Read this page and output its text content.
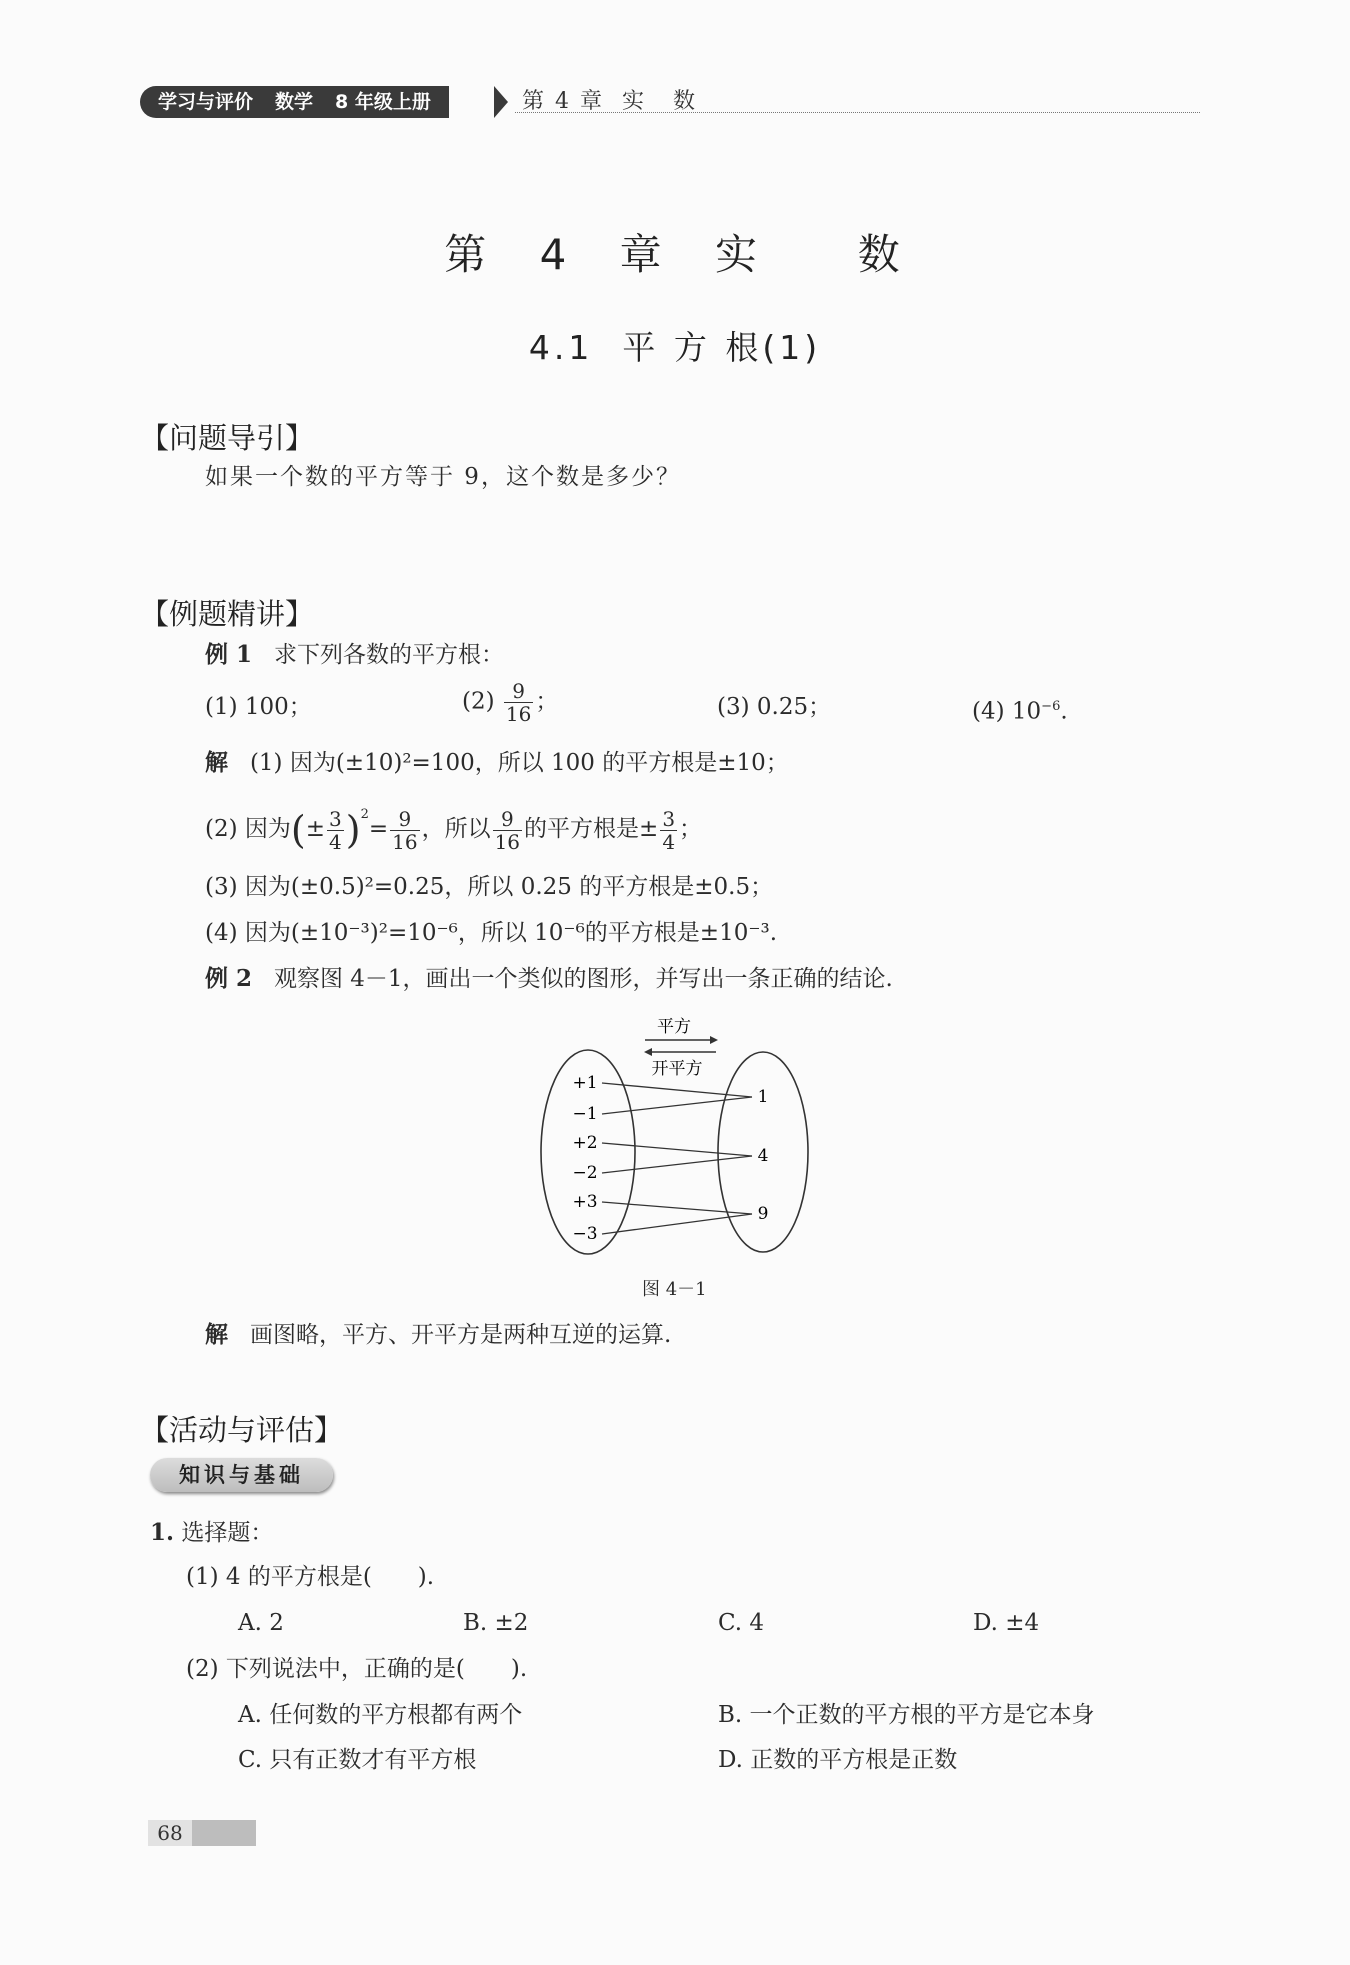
学习与评价 数学 8 年级上册	第 4 章  实   数
第 4 章 实  数
4.1  平 方 根(1)
【问题导引】
如果一个数的平方等于 9，这个数是多少？
【例题精讲】
例 1 求下列各数的平方根：
(1) 100；	$(2) \frac{9}{16}$ ；	(3) 0.25；	(4) $10^{-6}$.
解 (1) 因为(±10)²=100，所以 100 的平方根是±10；
(2) 因为(± $\frac{3}{4} )^2= \frac{9}{16}$ ，所以 $\frac{9}{16}$ 的平方根是± $\frac{3}{4}$ ；
(3) 因为(±0.5)²=0.25，所以 0.25 的平方根是±0.5；
(4) 因为(±10⁻³)²=10⁻⁶，所以 10⁻⁶的平方根是±10⁻³.
例 2 观察图 4－1，画出一个类似的图形，并写出一条正确的结论.
平方
开平方
+1
−1
+2
−2
+3
−3
1
4
9
图 4－1
解 画图略，平方、开平方是两种互逆的运算.
【活动与评估】
知识与基础
1. 选择题：
(1) 4 的平方根是(　　).
A. 2	B. ±2	C. 4	D. ±4
(2) 下列说法中，正确的是(　　).
A. 任何数的平方根都有两个	B. 一个正数的平方根的平方是它本身
C. 只有正数才有平方根	D. 正数的平方根是正数
68
